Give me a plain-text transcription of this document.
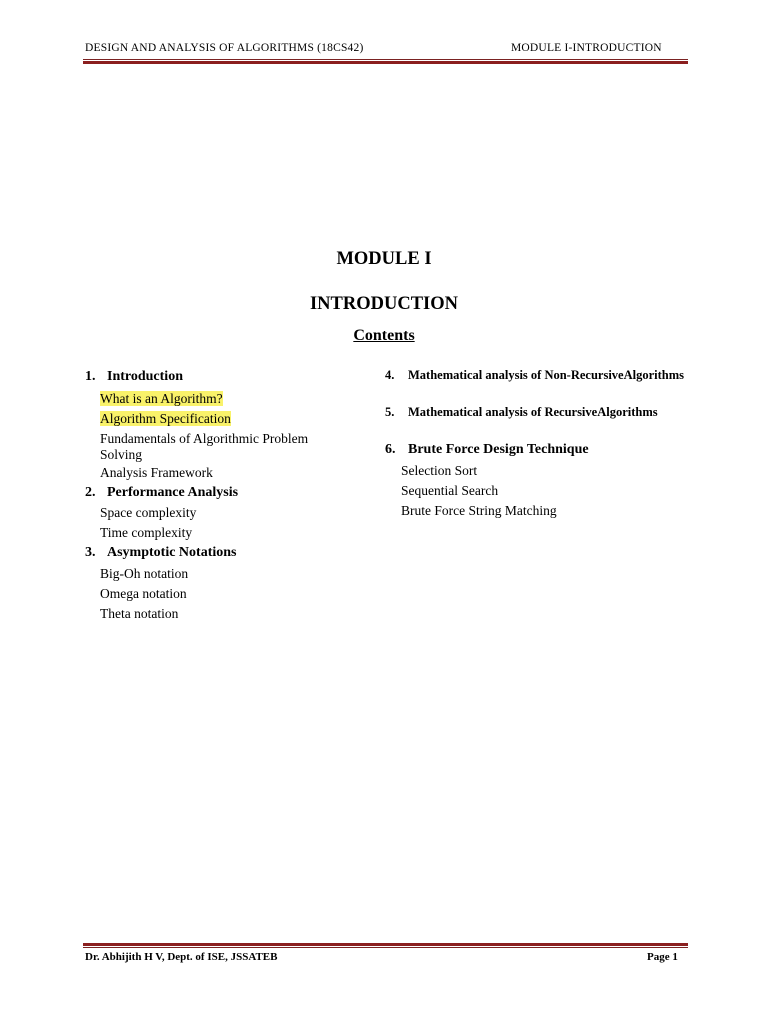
DESIGN AND ANALYSIS OF ALGORITHMS (18CS42)	MODULE I-INTRODUCTION
MODULE I
INTRODUCTION
Contents
1. Introduction
What is an Algorithm?
Algorithm Specification
Fundamentals of Algorithmic Problem
Solving
Analysis Framework
2. Performance Analysis
Space complexity
Time complexity
3. Asymptotic Notations
Big-Oh notation
Omega notation
Theta notation
4. Mathematical analysis of Non-RecursiveAlgorithms
5. Mathematical analysis of RecursiveAlgorithms
6. Brute Force Design Technique
Selection Sort
Sequential Search
Brute Force String Matching
Dr. Abhijith H V, Dept. of ISE, JSSATEB	Page 1
